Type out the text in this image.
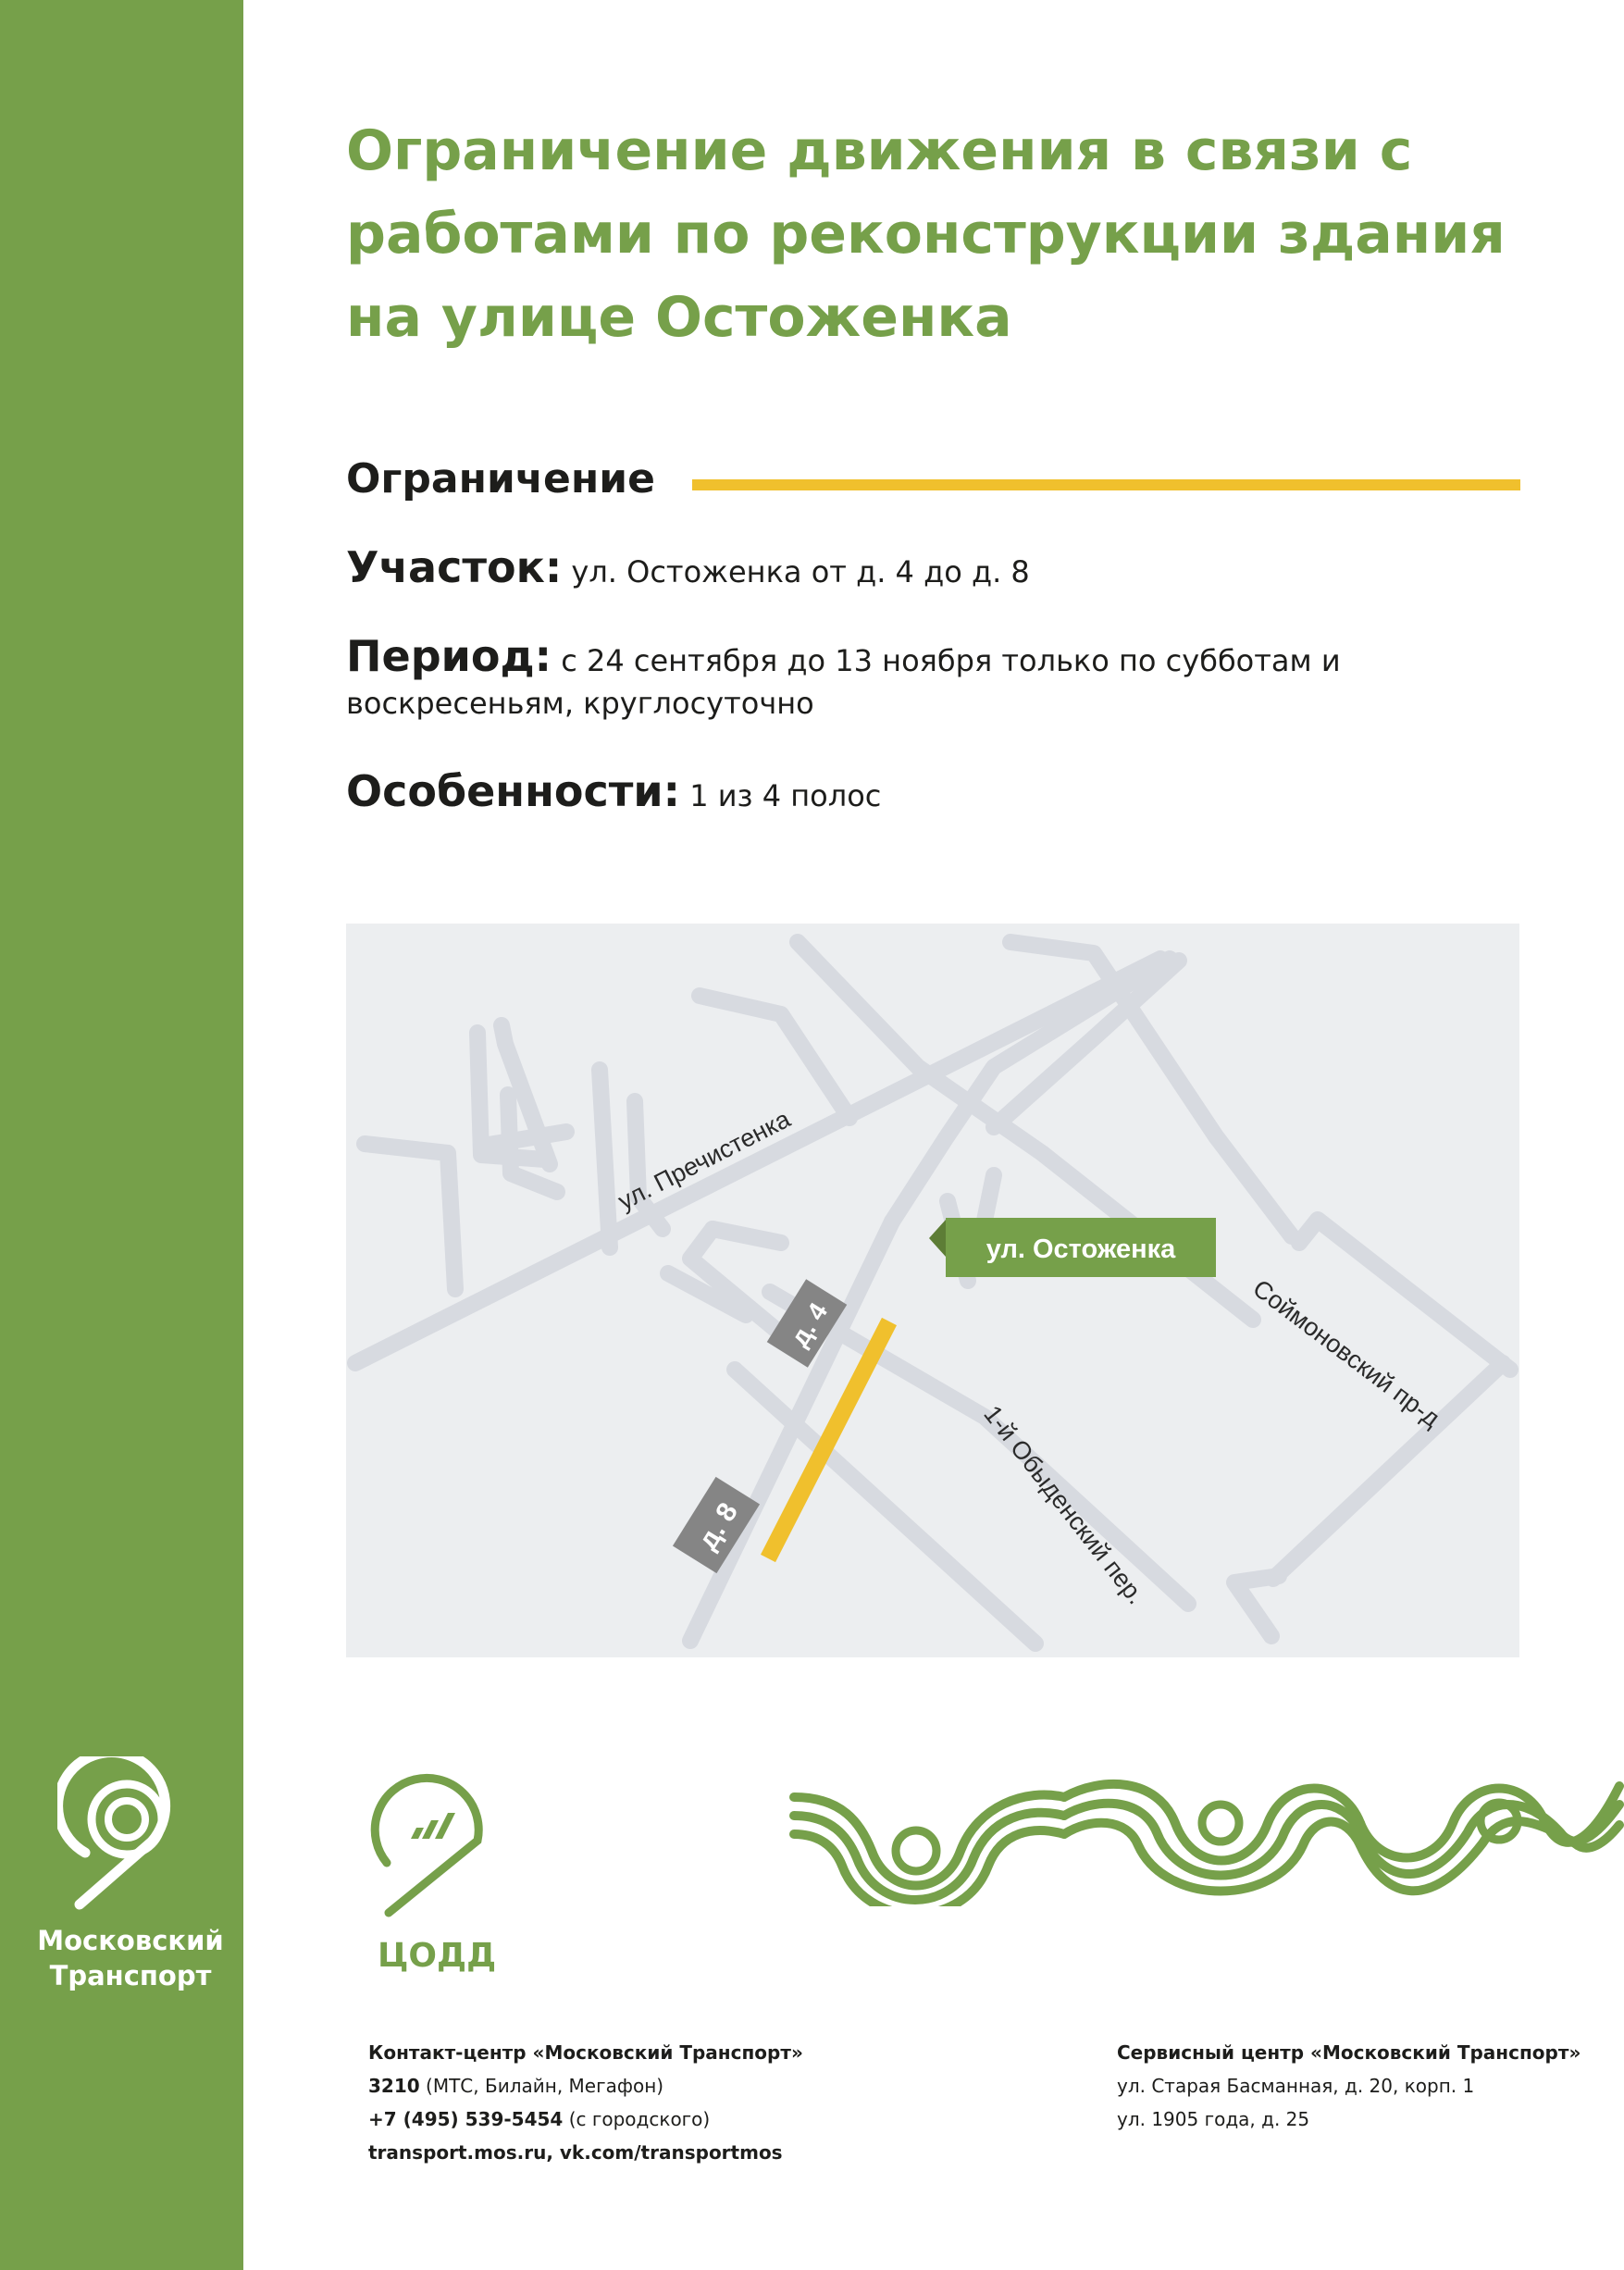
Московский
Транспорт
Ограничение движения в связи с
работами по реконструкции здания
на улице Остоженка
Ограничение
Участок: ул. Остоженка от д. 4 до д. 8
Период: с 24 сентября до 13 ноября только по субботам и
воскресеньям, круглосуточно
Особенности: 1 из 4 полос
д. 4
д. 8
ул. Пречистенка
Соймоновский пр-д
1-й Обыденский пер.
ул. Остоженка
ЦОДД
Контакт-центр «Московский Транспорт»
3210 (МТС, Билайн, Мегафон)
+7 (495) 539-5454 (с городского)
transport.mos.ru, vk.com/transportmos
Сервисный центр «Московский Транспорт»
ул. Старая Басманная, д. 20, корп. 1
ул. 1905 года, д. 25
